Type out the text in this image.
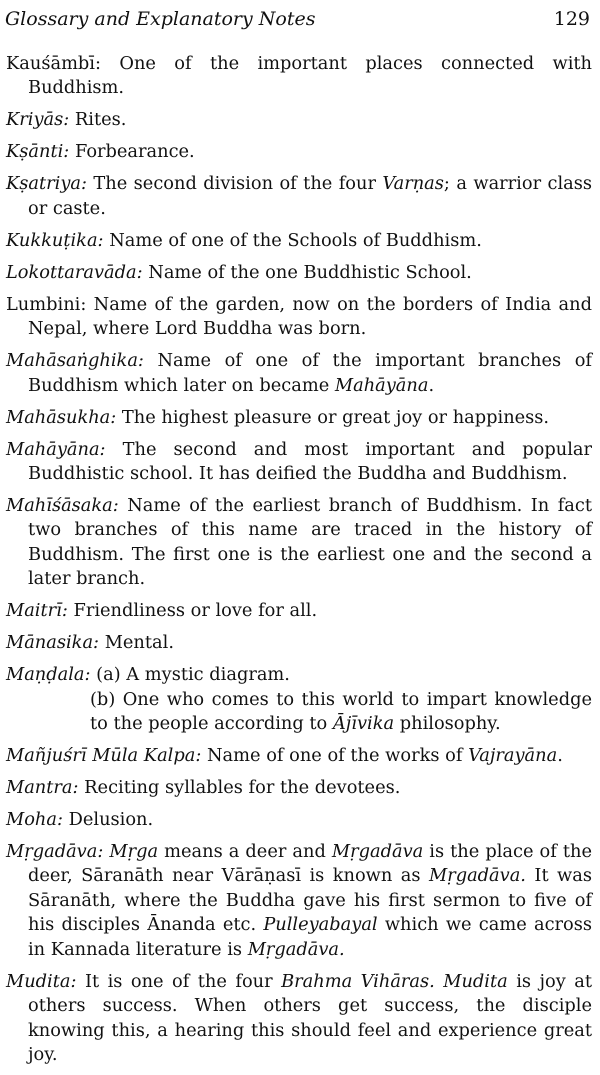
Glossary and Explanatory Notes	129

Kauśāmbī: One of the important places connected with Buddhism.

Kriyās: Rites.

Kṣānti: Forbearance.

Kṣatriya: The second division of the four Varṇas; a warrior class or caste.

Kukkuṭika: Name of one of the Schools of Buddhism.

Lokottaravāda: Name of the one Buddhistic School.

Lumbini: Name of the garden, now on the borders of India and Nepal, where Lord Buddha was born.

Mahāsaṅghika: Name of one of the important branches of Buddhism which later on became Mahāyāna.

Mahāsukha: The highest pleasure or great joy or happiness.

Mahāyāna: The second and most important and popular Buddhistic school. It has deified the Buddha and Buddhism.

Mahīśāsaka: Name of the earliest branch of Buddhism. In fact two branches of this name are traced in the history of Buddhism. The first one is the earliest one and the second a later branch.

Maitrī: Friendliness or love for all.

Mānasika: Mental.

Maṇḍala: (a) A mystic diagram.
(b) One who comes to this world to impart knowledge to the people according to Ājīvika philosophy.

Mañjuśrī Mūla Kalpa: Name of one of the works of Vajrayāna.

Mantra: Reciting syllables for the devotees.

Moha: Delusion.

Mṛgadāva: Mṛga means a deer and Mṛgadāva is the place of the deer, Sāranāth near Vārāṇasī is known as Mṛgadāva. It was Sāranāth, where the Buddha gave his first sermon to five of his disciples Ānanda etc. Pulleyabayal which we came across in Kannada literature is Mṛgadāva.

Mudita: It is one of the four Brahma Vihāras. Mudita is joy at others success. When others get success, the disciple knowing this, a hearing this should feel and experience great joy.
